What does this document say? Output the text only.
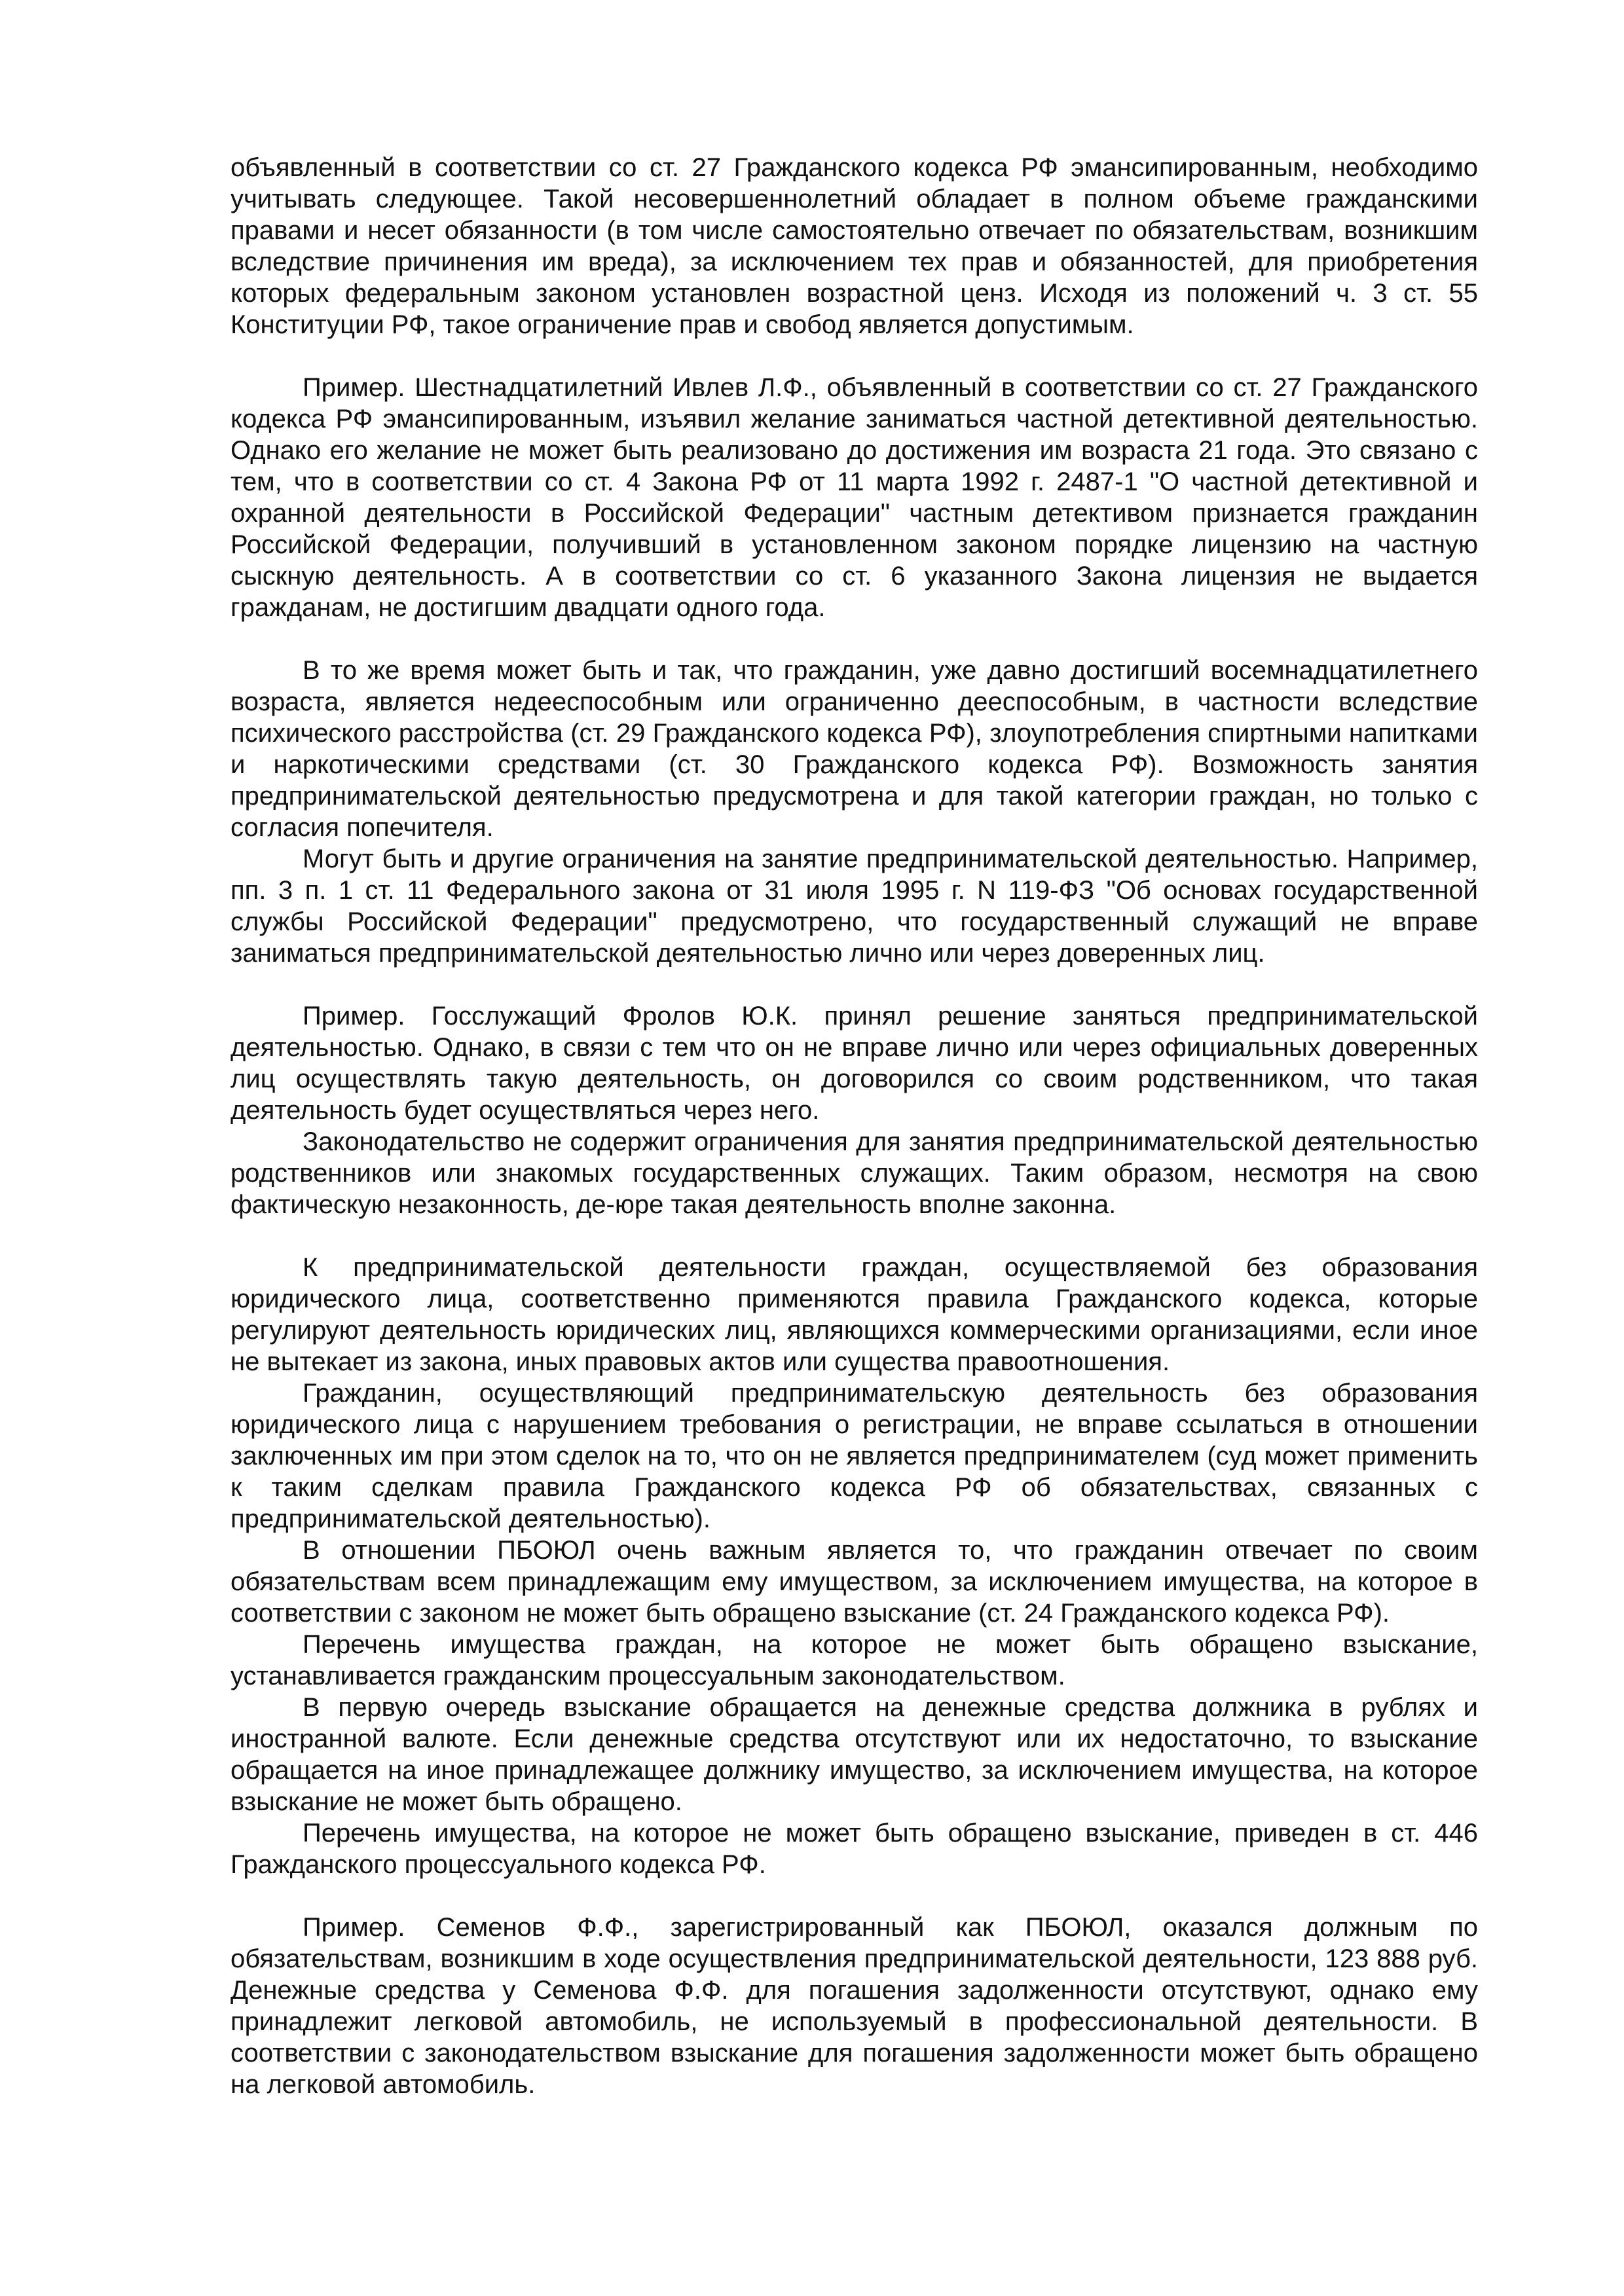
объявленный в соответствии со ст. 27 Гражданского кодекса РФ эмансипированным, необходимо учитывать следующее. Такой несовершеннолетний обладает в полном объеме гражданскими правами и несет обязанности (в том числе самостоятельно отвечает по обязательствам, возникшим вследствие причинения им вреда), за исключением тех прав и обязанностей, для приобретения которых федеральным законом установлен возрастной ценз. Исходя из положений ч. 3 ст. 55 Конституции РФ, такое ограничение прав и свобод является допустимым.

Пример. Шестнадцатилетний Ивлев Л.Ф., объявленный в соответствии со ст. 27 Гражданского кодекса РФ эмансипированным, изъявил желание заниматься частной детективной деятельностью. Однако его желание не может быть реализовано до достижения им возраста 21 года. Это связано с тем, что в соответствии со ст. 4 Закона РФ от 11 марта 1992 г. 2487-1 "О частной детективной и охранной деятельности в Российской Федерации" частным детективом признается гражданин Российской Федерации, получивший в установленном законом порядке лицензию на частную сыскную деятельность. А в соответствии со ст. 6 указанного Закона лицензия не выдается гражданам, не достигшим двадцати одного года.

В то же время может быть и так, что гражданин, уже давно достигший восемнадцатилетнего возраста, является недееспособным или ограниченно дееспособным, в частности вследствие психического расстройства (ст. 29 Гражданского кодекса РФ), злоупотребления спиртными напитками и наркотическими средствами (ст. 30 Гражданского кодекса РФ). Возможность занятия предпринимательской деятельностью предусмотрена и для такой категории граждан, но только с согласия попечителя.

Могут быть и другие ограничения на занятие предпринимательской деятельностью. Например, пп. 3 п. 1 ст. 11 Федерального закона от 31 июля 1995 г. N 119-ФЗ "Об основах государственной службы Российской Федерации" предусмотрено, что государственный служащий не вправе заниматься предпринимательской деятельностью лично или через доверенных лиц.

Пример. Госслужащий Фролов Ю.К. принял решение заняться предпринимательской деятельностью. Однако, в связи с тем что он не вправе лично или через официальных доверенных лиц осуществлять такую деятельность, он договорился со своим родственником, что такая деятельность будет осуществляться через него.

Законодательство не содержит ограничения для занятия предпринимательской деятельностью родственников или знакомых государственных служащих. Таким образом, несмотря на свою фактическую незаконность, де-юре такая деятельность вполне законна.

К предпринимательской деятельности граждан, осуществляемой без образования юридического лица, соответственно применяются правила Гражданского кодекса, которые регулируют деятельность юридических лиц, являющихся коммерческими организациями, если иное не вытекает из закона, иных правовых актов или существа правоотношения.

Гражданин, осуществляющий предпринимательскую деятельность без образования юридического лица с нарушением требования о регистрации, не вправе ссылаться в отношении заключенных им при этом сделок на то, что он не является предпринимателем (суд может применить к таким сделкам правила Гражданского кодекса РФ об обязательствах, связанных с предпринимательской деятельностью).

В отношении ПБОЮЛ очень важным является то, что гражданин отвечает по своим обязательствам всем принадлежащим ему имуществом, за исключением имущества, на которое в соответствии с законом не может быть обращено взыскание (ст. 24 Гражданского кодекса РФ).

Перечень имущества граждан, на которое не может быть обращено взыскание, устанавливается гражданским процессуальным законодательством.

В первую очередь взыскание обращается на денежные средства должника в рублях и иностранной валюте. Если денежные средства отсутствуют или их недостаточно, то взыскание обращается на иное принадлежащее должнику имущество, за исключением имущества, на которое взыскание не может быть обращено.

Перечень имущества, на которое не может быть обращено взыскание, приведен в ст. 446 Гражданского процессуального кодекса РФ.

Пример. Семенов Ф.Ф., зарегистрированный как ПБОЮЛ, оказался должным по обязательствам, возникшим в ходе осуществления предпринимательской деятельности, 123 888 руб. Денежные средства у Семенова Ф.Ф. для погашения задолженности отсутствуют, однако ему принадлежит легковой автомобиль, не используемый в профессиональной деятельности. В соответствии с законодательством взыскание для погашения задолженности может быть обращено на легковой автомобиль.
